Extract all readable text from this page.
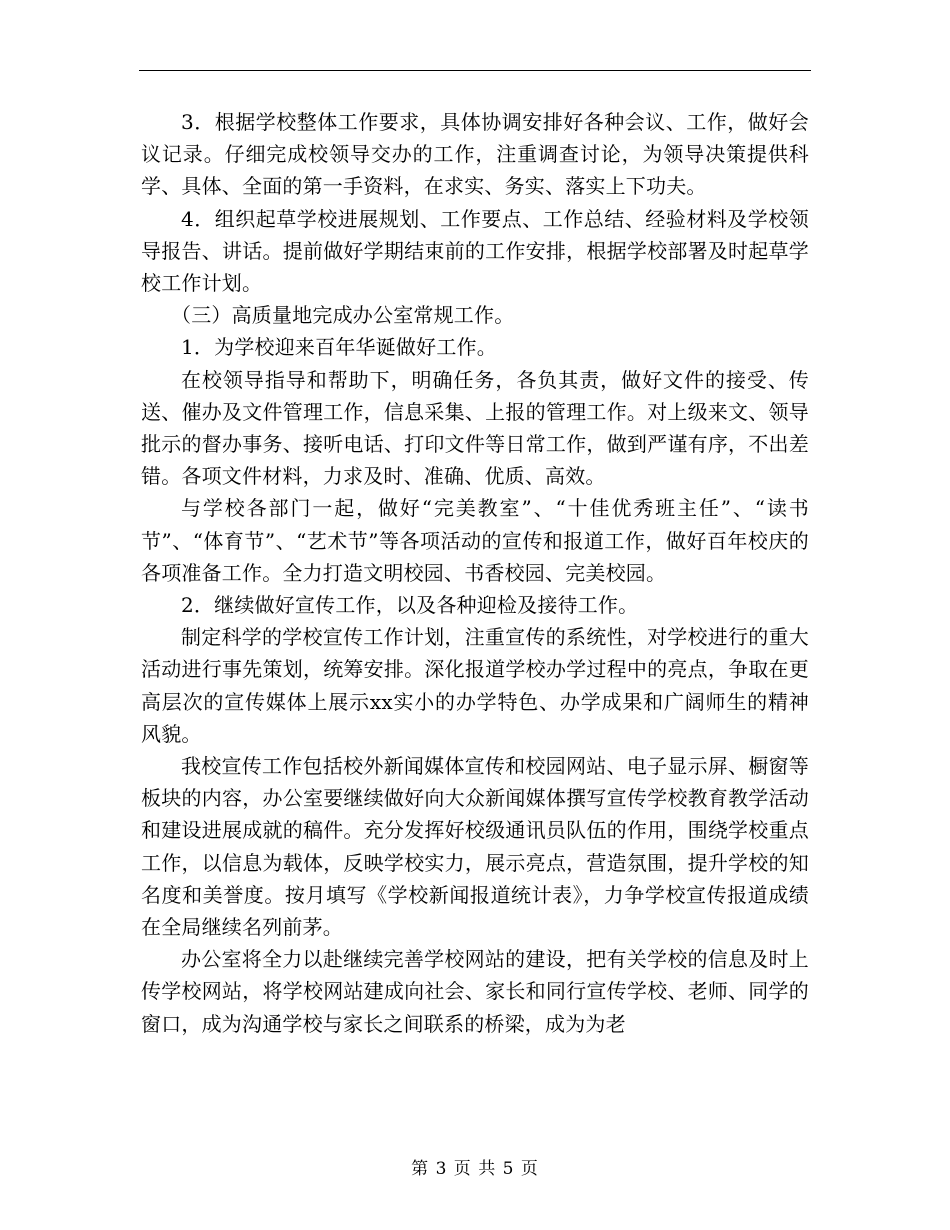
3．根据学校整体工作要求，具体协调安排好各种会议、工作，做好会议记录。仔细完成校领导交办的工作，注重调查讨论，为领导决策提供科学、具体、全面的第一手资料，在求实、务实、落实上下功夫。

4．组织起草学校进展规划、工作要点、工作总结、经验材料及学校领导报告、讲话。提前做好学期结束前的工作安排，根据学校部署及时起草学校工作计划。

（三）高质量地完成办公室常规工作。

1．为学校迎来百年华诞做好工作。

在校领导指导和帮助下，明确任务，各负其责，做好文件的接受、传送、催办及文件管理工作，信息采集、上报的管理工作。对上级来文、领导批示的督办事务、接听电话、打印文件等日常工作，做到严谨有序，不出差错。各项文件材料，力求及时、准确、优质、高效。

与学校各部门一起，做好“完美教室”、“十佳优秀班主任”、“读书节”、“体育节”、“艺术节”等各项活动的宣传和报道工作，做好百年校庆的各项准备工作。全力打造文明校园、书香校园、完美校园。

2．继续做好宣传工作，以及各种迎检及接待工作。

制定科学的学校宣传工作计划，注重宣传的系统性，对学校进行的重大活动进行事先策划，统筹安排。深化报道学校办学过程中的亮点，争取在更高层次的宣传媒体上展示xx实小的办学特色、办学成果和广阔师生的精神风貌。

我校宣传工作包括校外新闻媒体宣传和校园网站、电子显示屏、橱窗等板块的内容，办公室要继续做好向大众新闻媒体撰写宣传学校教育教学活动和建设进展成就的稿件。充分发挥好校级通讯员队伍的作用，围绕学校重点工作，以信息为载体，反映学校实力，展示亮点，营造氛围，提升学校的知名度和美誉度。按月填写《学校新闻报道统计表》，力争学校宣传报道成绩在全局继续名列前茅。

办公室将全力以赴继续完善学校网站的建设，把有关学校的信息及时上传学校网站，将学校网站建成向社会、家长和同行宣传学校、老师、同学的窗口，成为沟通学校与家长之间联系的桥梁，成为为老

第 3 页 共 5 页
